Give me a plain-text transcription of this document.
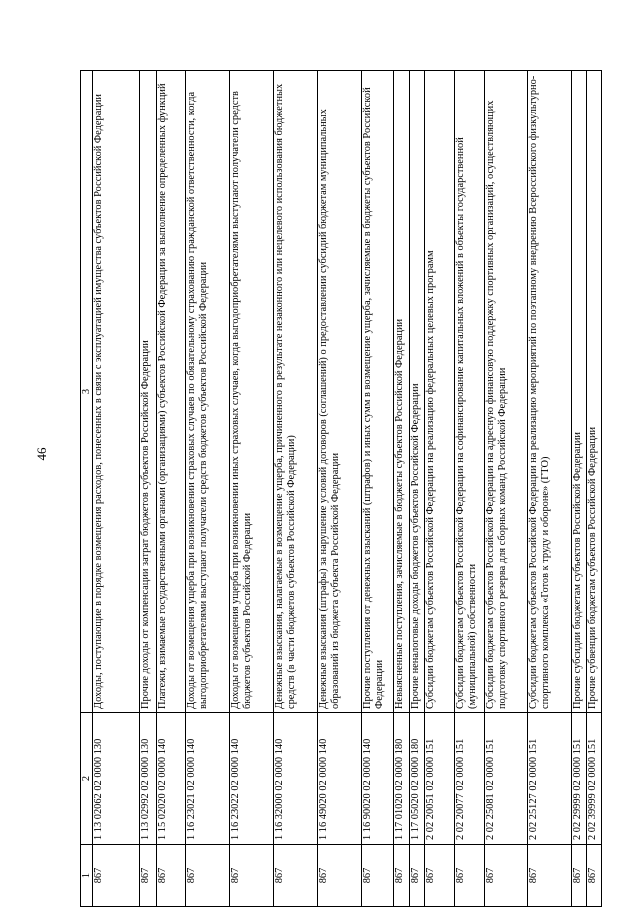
46
1	2	3
867	1 13 02062 02 0000 130	Доходы, поступающие в порядке возмещения расходов, понесенных в связи с эксплуатацией имущества субъектов Российской Федерации
867	1 13 02992 02 0000 130	Прочие доходы от компенсации затрат бюджетов субъектов Российской Федерации
867	1 15 02020 02 0000 140	Платежи, взимаемые государственными органами (организациями) субъектов Российской Федерации за выполнение определенных функций
867	1 16 23021 02 0000 140	Доходы от возмещения ущерба при возникновении страховых случаев по обязательному страхованию гражданской ответственности, когда выгодоприобретателями выступают получатели средств бюджетов субъектов Российской Федерации
867	1 16 23022 02 0000 140	Доходы от возмещения ущерба при возникновении иных страховых случаев, когда выгодоприобретателями выступают получатели средств бюджетов субъектов Российской Федерации
867	1 16 32000 02 0000 140	Денежные взыскания, налагаемые в возмещение ущерба, причиненного в результате незаконного или нецелевого использования бюджетных средств (в части бюджетов субъектов Российской Федерации)
867	1 16 49020 02 0000 140	Денежные взыскания (штрафы) за нарушение условий договоров (соглашений) о предоставлении субсидий бюджетам муниципальных образований из бюджета субъекта Российской Федерации
867	1 16 90020 02 0000 140	Прочие поступления от денежных взысканий (штрафов) и иных сумм в возмещение ущерба, зачисляемые в бюджеты субъектов Российской Федерации
867	1 17 01020 02 0000 180	Невыясненные поступления, зачисляемые в бюджеты субъектов Российской Федерации
867	1 17 05020 02 0000 180	Прочие неналоговые доходы бюджетов субъектов Российской Федерации
867	2 02 20051 02 0000 151	Субсидии бюджетам субъектов Российской Федерации на реализацию федеральных целевых программ
867	2 02 20077 02 0000 151	Субсидии бюджетам субъектов Российской Федерации на софинансирование капитальных вложений в объекты государственной (муниципальной) собственности
867	2 02 25081 02 0000 151	Субсидии бюджетам субъектов Российской Федерации на адресную финансовую поддержку спортивных организаций, осуществляющих подготовку спортивного резерва для сборных команд Российской Федерации
867	2 02 25127 02 0000 151	Субсидии бюджетам субъектов Российской Федерации на реализацию мероприятий по поэтапному внедрению Всероссийского физкультурно-спортивного комплекса «Готов к труду и обороне» (ГТО)
867	2 02 29999 02 0000 151	Прочие субсидии бюджетам субъектов Российской Федерации
867	2 02 39999 02 0000 151	Прочие субвенции бюджетам субъектов Российской Федерации
